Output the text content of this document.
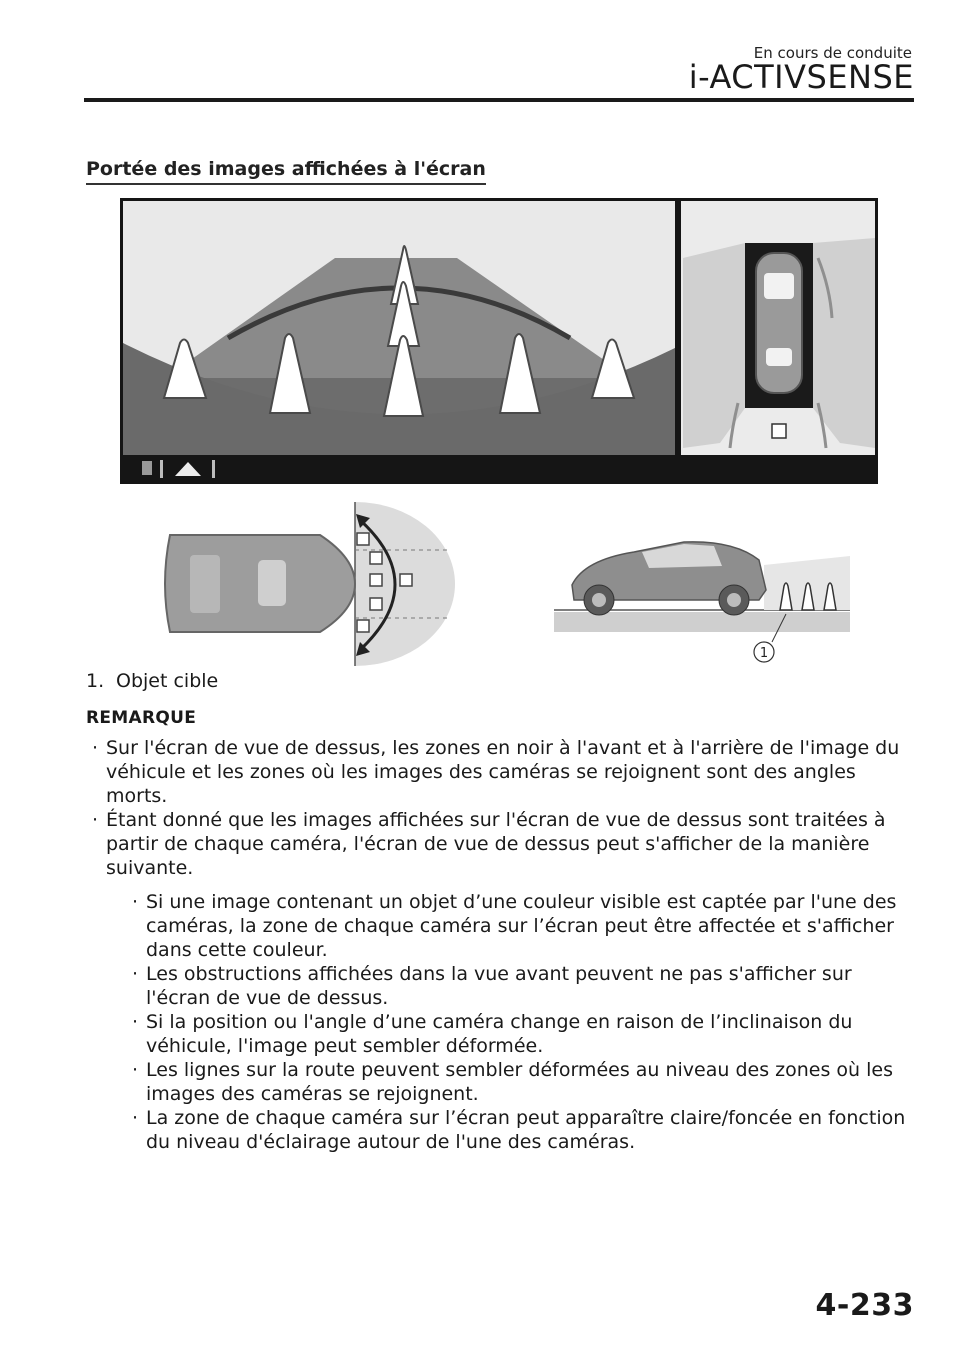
En cours de conduite
i-ACTIVSENSE
Portée des images affichées à l'écran
1
1. Objet cible
REMARQUE
· Sur l'écran de vue de dessus, les zones en noir à l'avant et à l'arrière de l'image du véhicule et les zones où les images des caméras se rejoignent sont des angles morts.
· Étant donné que les images affichées sur l'écran de vue de dessus sont traitées à partir de chaque caméra, l'écran de vue de dessus peut s'afficher de la manière suivante.
· Si une image contenant un objet d’une couleur visible est captée par l'une des caméras, la zone de chaque caméra sur l’écran peut être affectée et s'afficher dans cette couleur.
· Les obstructions affichées dans la vue avant peuvent ne pas s'afficher sur l'écran de vue de dessus.
· Si la position ou l'angle d’une caméra change en raison de l’inclinaison du véhicule, l'image peut sembler déformée.
· Les lignes sur la route peuvent sembler déformées au niveau des zones où les images des caméras se rejoignent.
· La zone de chaque caméra sur l’écran peut apparaître claire/foncée en fonction du niveau d'éclairage autour de l'une des caméras.
4-233
